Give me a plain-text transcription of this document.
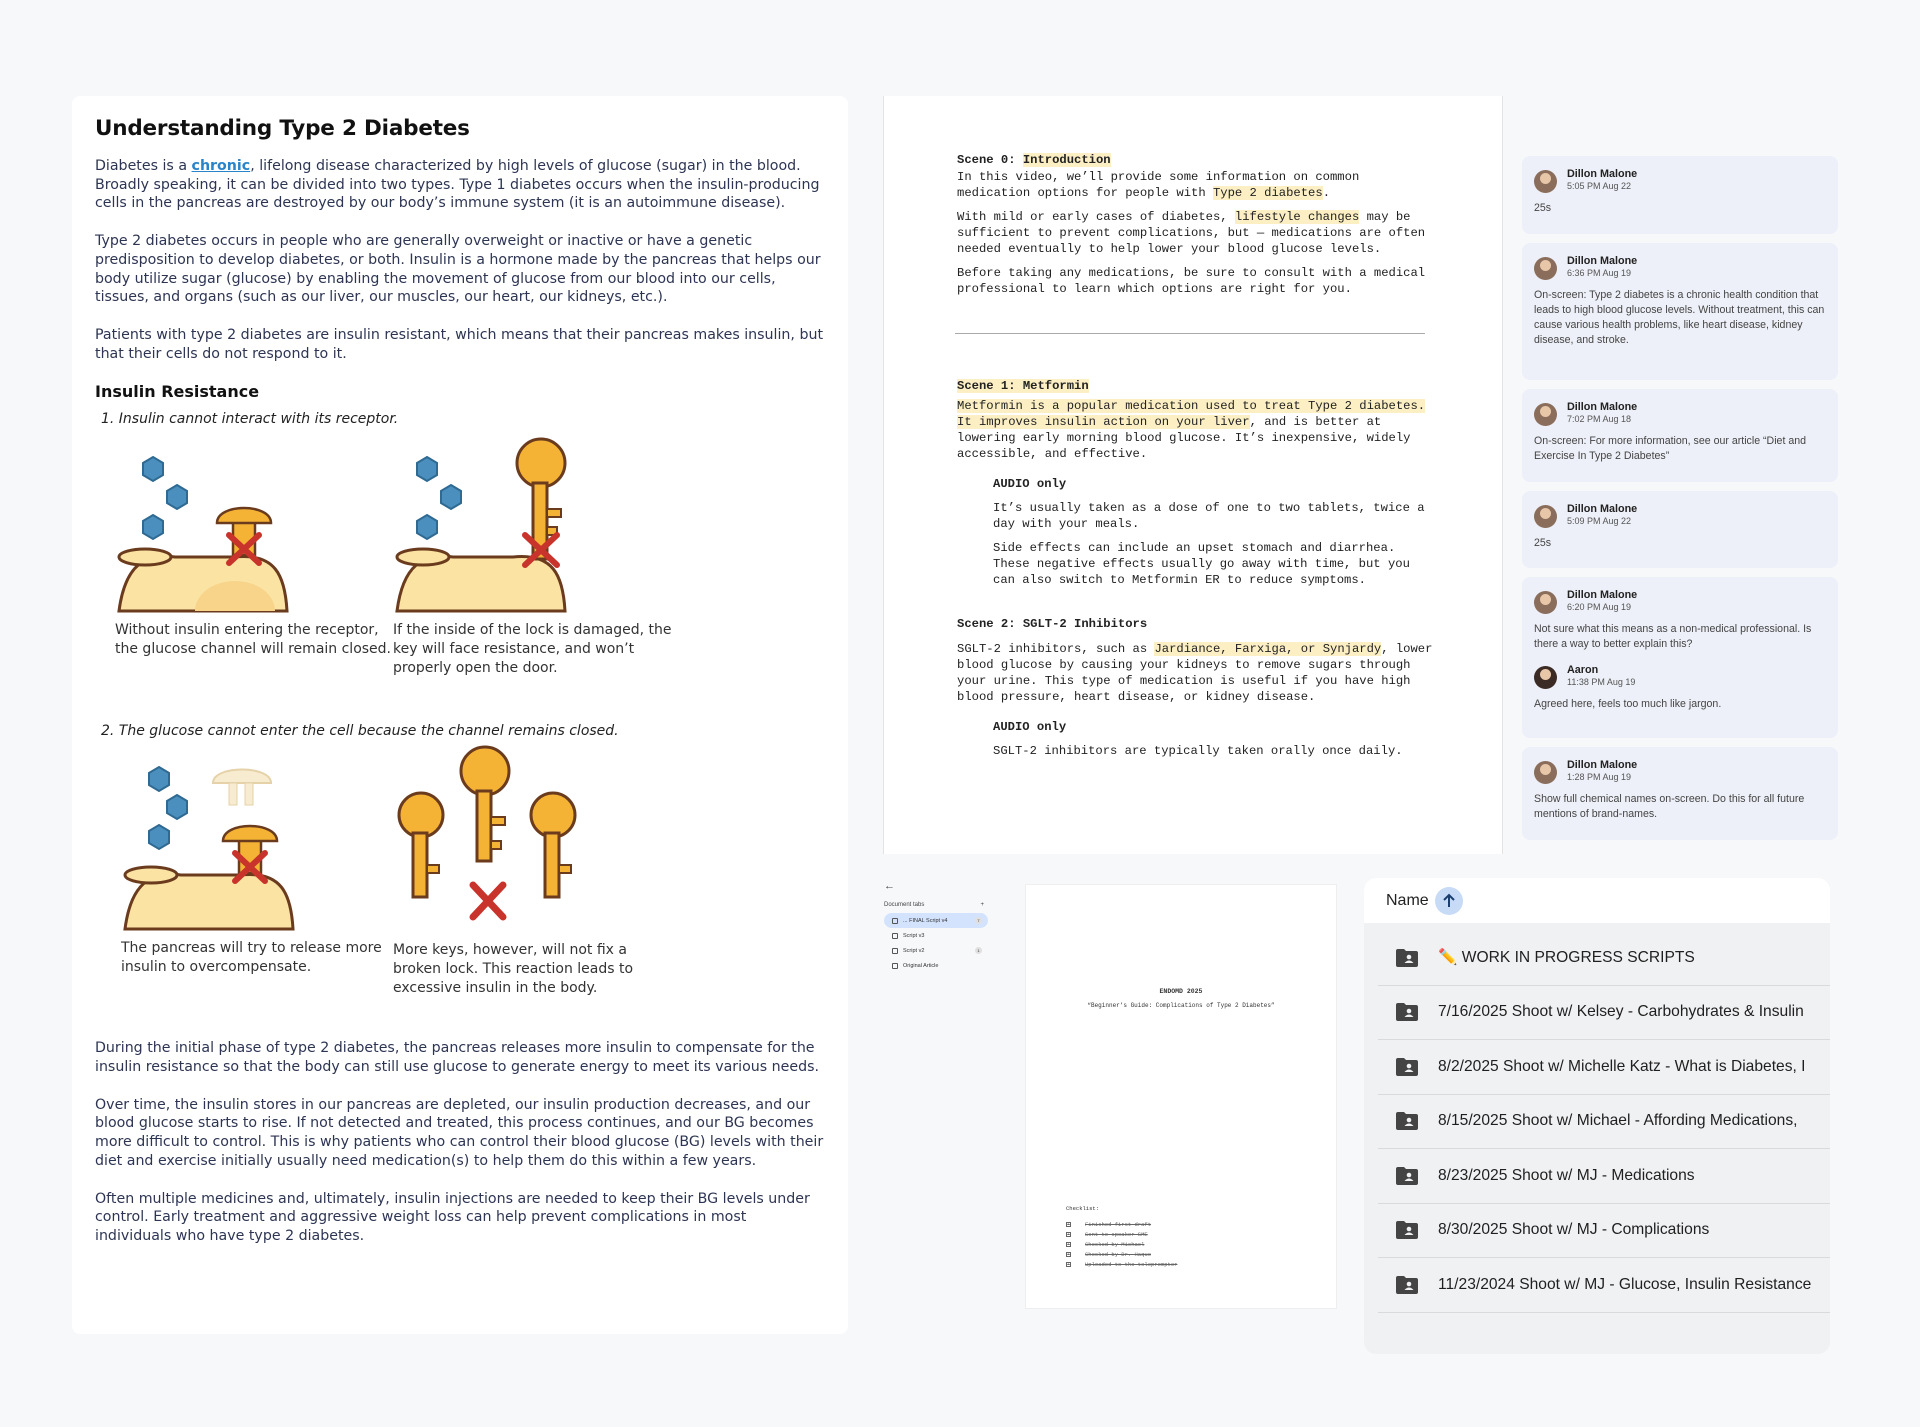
Understanding Type 2 Diabetes

Diabetes is a chronic, lifelong disease characterized by high levels of glucose (sugar) in the blood. Broadly speaking, it can be divided into two types. Type 1 diabetes occurs when the insulin-producing cells in the pancreas are destroyed by our body’s immune system (it is an autoimmune disease).

Type 2 diabetes occurs in people who are generally overweight or inactive or have a genetic predisposition to develop diabetes, or both. Insulin is a hormone made by the pancreas that helps our body utilize sugar (glucose) by enabling the movement of glucose from our blood into our cells, tissues, and organs (such as our liver, our muscles, our heart, our kidneys, etc.).

Patients with type 2 diabetes are insulin resistant, which means that their pancreas makes insulin, but that their cells do not respond to it.

Insulin Resistance
1. Insulin cannot interact with its receptor.
Without insulin entering the receptor, the glucose channel will remain closed.
If the inside of the lock is damaged, the key will face resistance, and won’t properly open the door.
2. The glucose cannot enter the cell because the channel remains closed.
The pancreas will try to release more insulin to overcompensate.
More keys, however, will not fix a broken lock. This reaction leads to excessive insulin in the body.

During the initial phase of type 2 diabetes, the pancreas releases more insulin to compensate for the insulin resistance so that the body can still use glucose to generate energy to meet its various needs.

Over time, the insulin stores in our pancreas are depleted, our insulin production decreases, and our blood glucose starts to rise. If not detected and treated, this process continues, and our BG becomes more difficult to control. This is why patients who can control their blood glucose (BG) levels with their diet and exercise initially usually need medication(s) to help them do this within a few years.

Often multiple medicines and, ultimately, insulin injections are needed to keep their BG levels under control. Early treatment and aggressive weight loss can help prevent complications in most individuals who have type 2 diabetes.

Scene 0: Introduction
In this video, we’ll provide some information on common medication options for people with Type 2 diabetes.
With mild or early cases of diabetes, lifestyle changes may be sufficient to prevent complications, but — medications are often needed eventually to help lower your blood glucose levels.
Before taking any medications, be sure to consult with a medical professional to learn which options are right for you.
Scene 1: Metformin
Metformin is a popular medication used to treat Type 2 diabetes. It improves insulin action on your liver, and is better at lowering early morning blood glucose. It’s inexpensive, widely accessible, and effective.
AUDIO only
It’s usually taken as a dose of one to two tablets, twice a day with your meals.
Side effects can include an upset stomach and diarrhea. These negative effects usually go away with time, but you can also switch to Metformin ER to reduce symptoms.
Scene 2: SGLT-2 Inhibitors
SGLT-2 inhibitors, such as Jardiance, Farxiga, or Synjardy, lower blood glucose by causing your kidneys to remove sugars through your urine. This type of medication is useful if you have high blood pressure, heart disease, or kidney disease.
AUDIO only
SGLT-2 inhibitors are typically taken orally once daily.
Dillon Malone
5:05 PM Aug 22
25s
Dillon Malone
6:36 PM Aug 19
On-screen: Type 2 diabetes is a chronic health condition that leads to high blood glucose levels. Without treatment, this can cause various health problems, like heart disease, kidney disease, and stroke.
Dillon Malone
7:02 PM Aug 18
On-screen: For more information, see our article “Diet and Exercise In Type 2 Diabetes”
Dillon Malone
5:09 PM Aug 22
25s
Dillon Malone
6:20 PM Aug 19
Not sure what this means as a non-medical professional. Is there a way to better explain this?
Aaron
11:38 PM Aug 19
Agreed here, feels too much like jargon.
Dillon Malone
1:28 PM Aug 19
Show full chemical names on-screen. Do this for all future mentions of brand-names.
←
Document tabs	+
... FINAL Script v4	7
Script v3
Script v2	1
Original Article
ENDOMD 2025
“Beginner’s Guide: Complications of Type 2 Diabetes”
Checklist:
✓	Finished first draft
✓	Sent to speaker SME
✓	Checked by Michael
✓	Checked by Dr. Haque
✓	Uploaded to the teleprompter
Name
✏️ WORK IN PROGRESS SCRIPTS
7/16/2025 Shoot w/ Kelsey - Carbohydrates & Insulin
8/2/2025 Shoot w/ Michelle Katz - What is Diabetes, I
8/15/2025 Shoot w/ Michael - Affording Medications,
8/23/2025 Shoot w/ MJ - Medications
8/30/2025 Shoot w/ MJ - Complications
11/23/2024 Shoot w/ MJ - Glucose, Insulin Resistance
